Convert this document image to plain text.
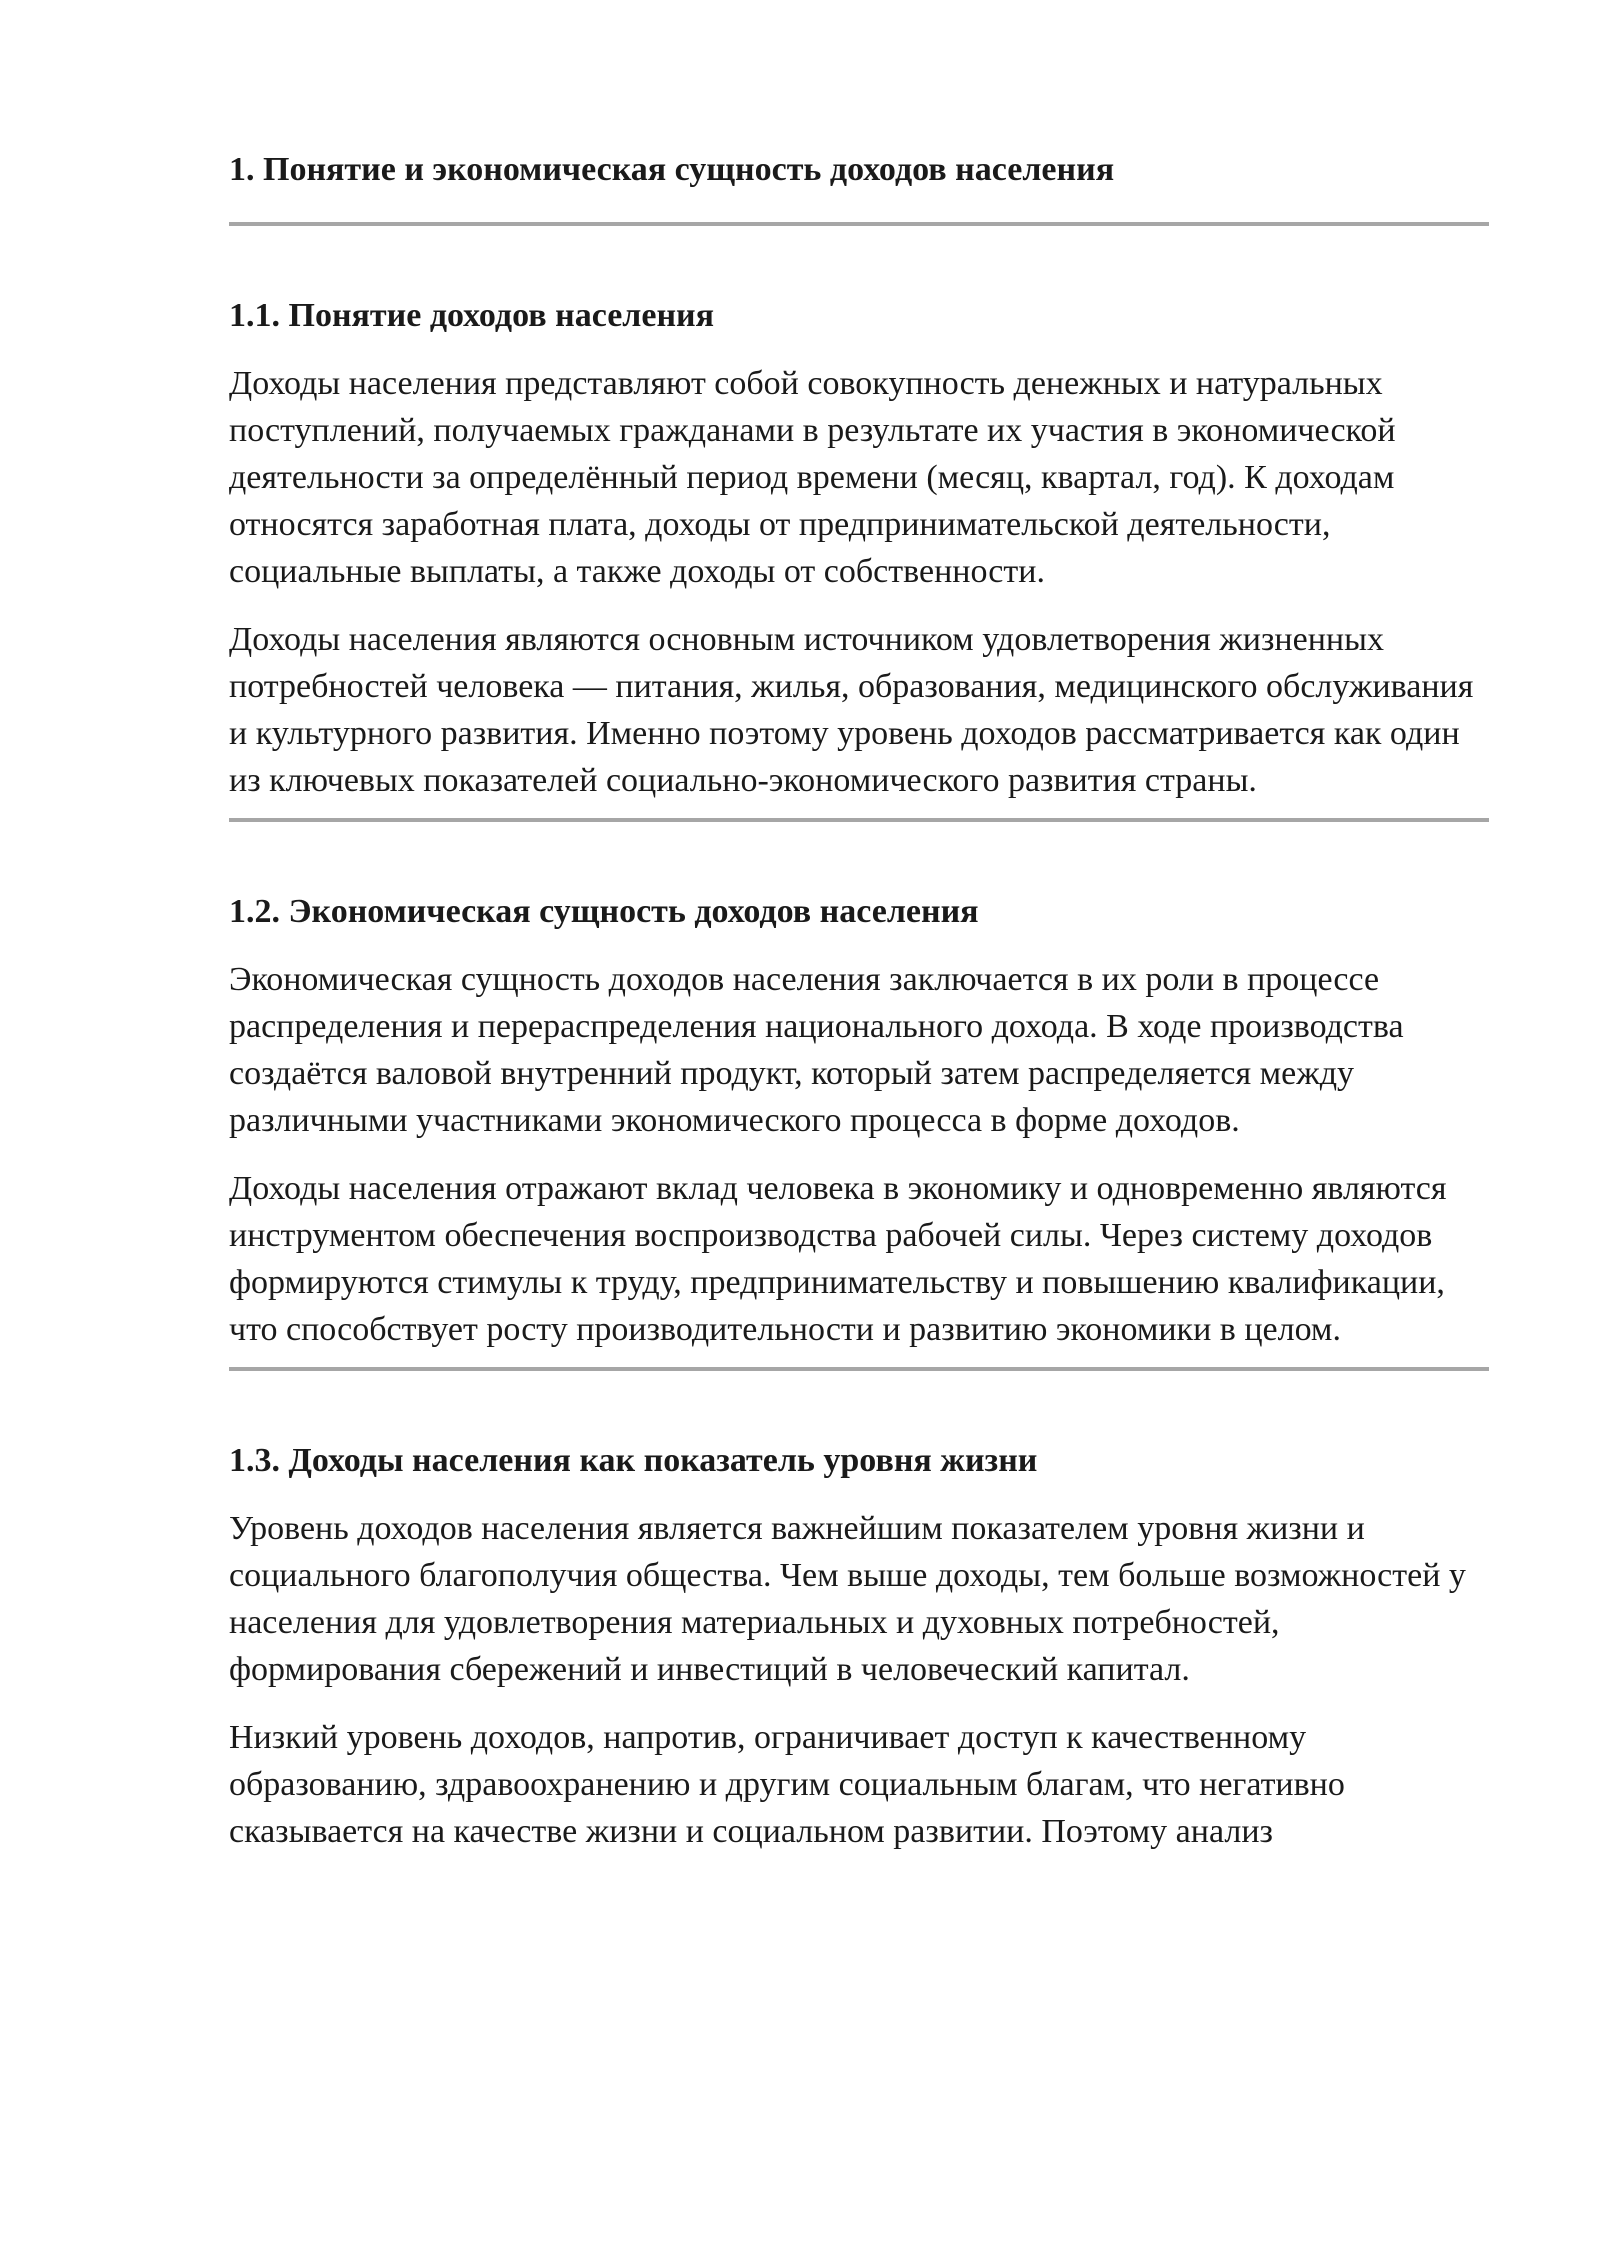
1. Понятие и экономическая сущность доходов населения
1.1. Понятие доходов населения

Доходы населения представляют собой совокупность денежных и натуральных поступлений, получаемых гражданами в результате их участия в экономической деятельности за определённый период времени (месяц, квартал, год). К доходам относятся заработная плата, доходы от предпринимательской деятельности, социальные выплаты, а также доходы от собственности.

Доходы населения являются основным источником удовлетворения жизненных потребностей человека — питания, жилья, образования, медицинского обслуживания и культурного развития. Именно поэтому уровень доходов рассматривается как один из ключевых показателей социально-экономического развития страны.

1.2. Экономическая сущность доходов населения

Экономическая сущность доходов населения заключается в их роли в процессе распределения и перераспределения национального дохода. В ходе производства создаётся валовой внутренний продукт, который затем распределяется между различными участниками экономического процесса в форме доходов.

Доходы населения отражают вклад человека в экономику и одновременно являются инструментом обеспечения воспроизводства рабочей силы. Через систему доходов формируются стимулы к труду, предпринимательству и повышению квалификации, что способствует росту производительности и развитию экономики в целом.

1.3. Доходы населения как показатель уровня жизни

Уровень доходов населения является важнейшим показателем уровня жизни и социального благополучия общества. Чем выше доходы, тем больше возможностей у населения для удовлетворения материальных и духовных потребностей, формирования сбережений и инвестиций в человеческий капитал.

Низкий уровень доходов, напротив, ограничивает доступ к качественному образованию, здравоохранению и другим социальным благам, что негативно сказывается на качестве жизни и социальном развитии. Поэтому анализ
